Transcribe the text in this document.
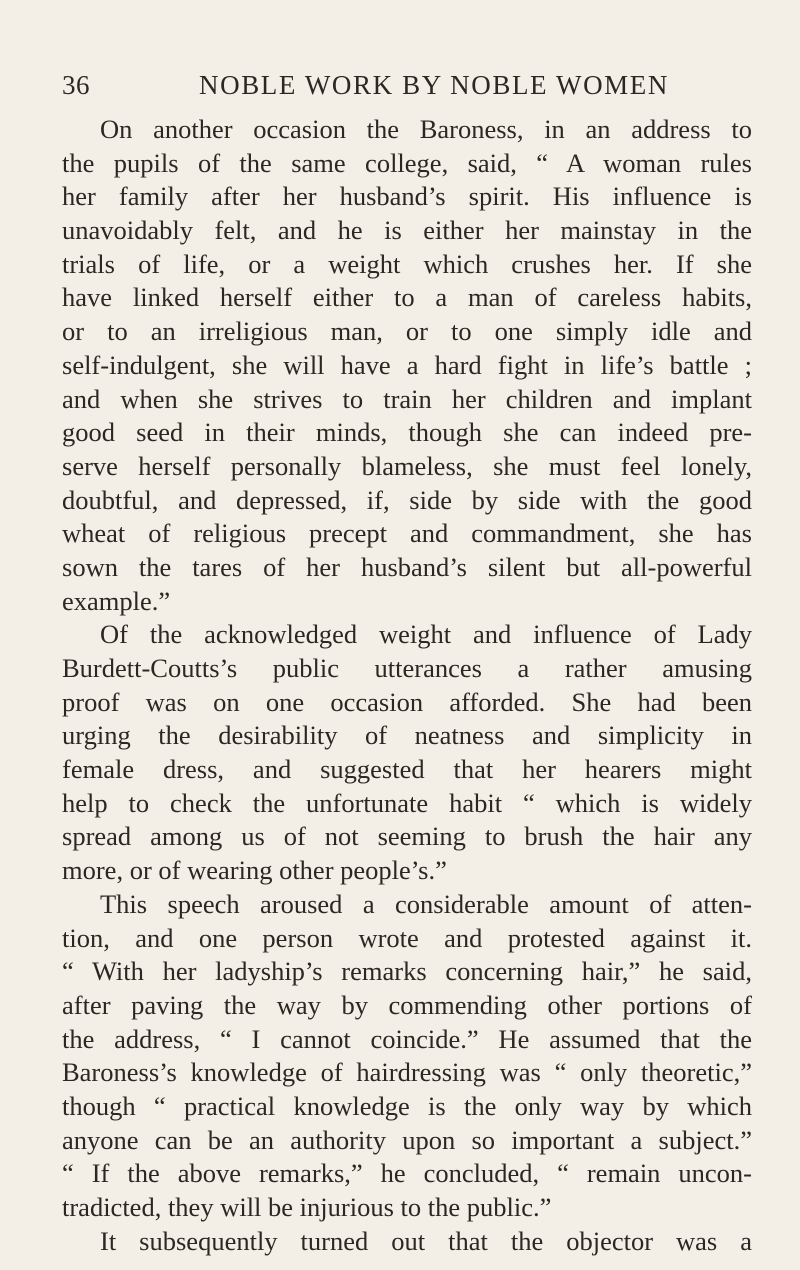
36	NOBLE WORK BY NOBLE WOMEN
On another occasion the Baroness, in an address to
the pupils of the same college, said, “ A woman rules
her family after her husband’s spirit. His influence is
unavoidably felt, and he is either her mainstay in the
trials of life, or a weight which crushes her. If she
have linked herself either to a man of careless habits,
or to an irreligious man, or to one simply idle and
self-indulgent, she will have a hard fight in life’s battle ;
and when she strives to train her children and implant
good seed in their minds, though she can indeed pre-
serve herself personally blameless, she must feel lonely,
doubtful, and depressed, if, side by side with the good
wheat of religious precept and commandment, she has
sown the tares of her husband’s silent but all-powerful
example.”
Of the acknowledged weight and influence of Lady
Burdett-Coutts’s public utterances a rather amusing
proof was on one occasion afforded. She had been
urging the desirability of neatness and simplicity in
female dress, and suggested that her hearers might
help to check the unfortunate habit “ which is widely
spread among us of not seeming to brush the hair any
more, or of wearing other people’s.”
This speech aroused a considerable amount of atten-
tion, and one person wrote and protested against it.
“ With her ladyship’s remarks concerning hair,” he said,
after paving the way by commending other portions of
the address, “ I cannot coincide.” He assumed that the
Baroness’s knowledge of hairdressing was “ only theoretic,”
though “ practical knowledge is the only way by which
anyone can be an authority upon so important a subject.”
“ If the above remarks,” he concluded, “ remain uncon-
tradicted, they will be injurious to the public.”
It subsequently turned out that the objector was a
